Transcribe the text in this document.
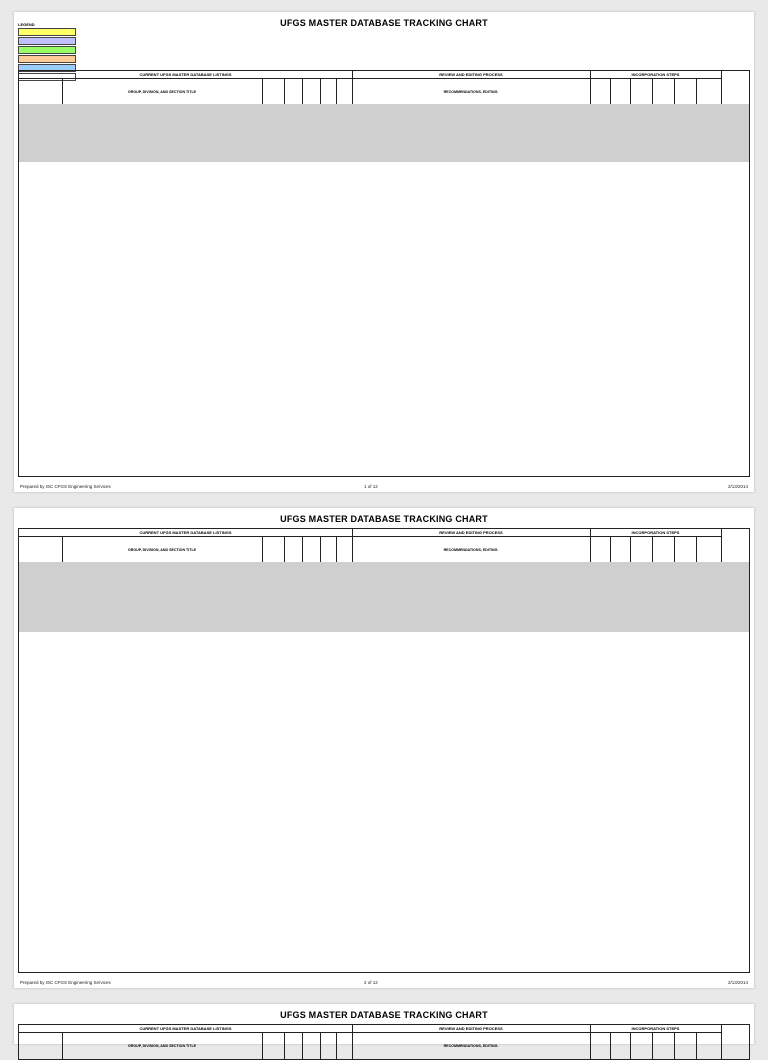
UFGS MASTER DATABASE TRACKING CHART
LEGEND
CURRENT UFGS MASTER DATABASE LISTINGS	REVIEW AND EDITING PROCESS	INCORPORATION STEPS
GROUP, DIVISION, AND SECTION TITLE	RECOMMENDATIONS, EDITING.
Prepared by ISC CFGS Engineering Services	1 of 12	2/13/2014
UFGS MASTER DATABASE TRACKING CHART
CURRENT UFGS MASTER DATABASE LISTINGS	REVIEW AND EDITING PROCESS	INCORPORATION STEPS
GROUP, DIVISION, AND SECTION TITLE	RECOMMENDATIONS, EDITING.
Prepared by ISC CFGS Engineering Services	2 of 12	2/13/2014
UFGS MASTER DATABASE TRACKING CHART
CURRENT UFGS MASTER DATABASE LISTINGS	REVIEW AND EDITING PROCESS	INCORPORATION STEPS
GROUP, DIVISION, AND SECTION TITLE	RECOMMENDATIONS, EDITING.
